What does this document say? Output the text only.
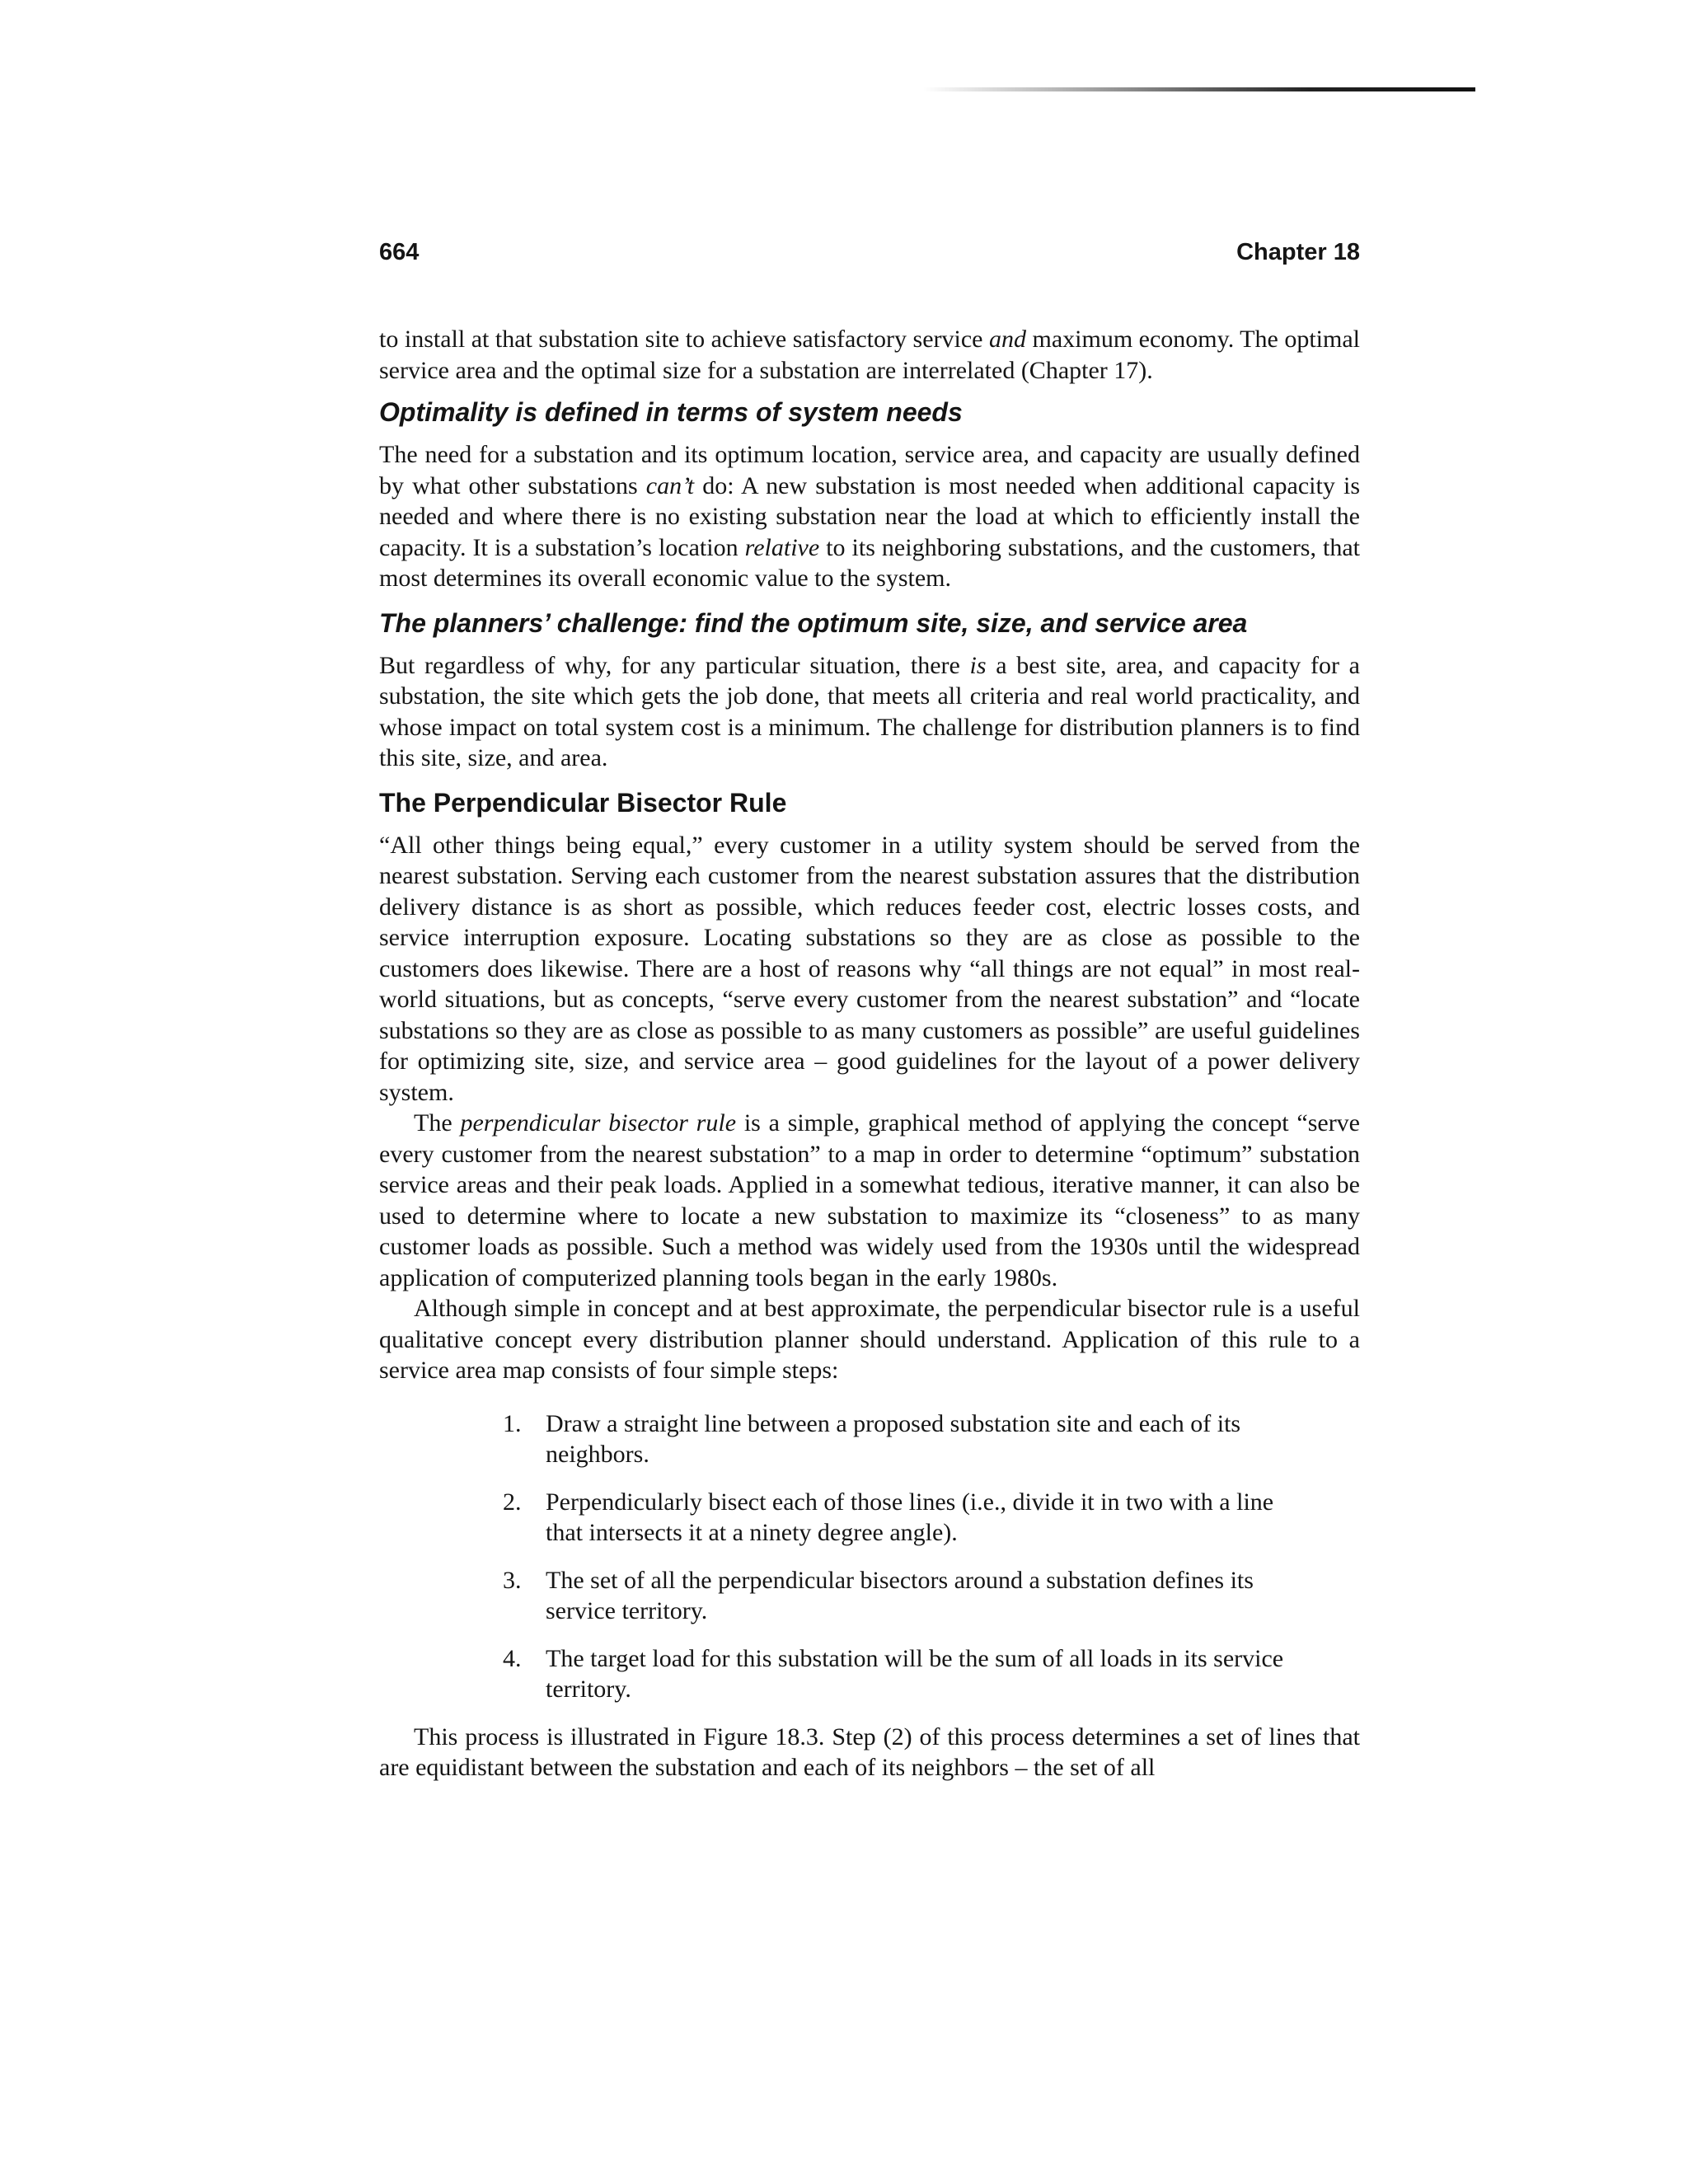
664	Chapter 18

to install at that substation site to achieve satisfactory service and maximum economy. The optimal service area and the optimal size for a substation are interrelated (Chapter 17).

Optimality is defined in terms of system needs

The need for a substation and its optimum location, service area, and capacity are usually defined by what other substations can’t do: A new substation is most needed when additional capacity is needed and where there is no existing substation near the load at which to efficiently install the capacity. It is a substation’s location relative to its neighboring substations, and the customers, that most determines its overall economic value to the system.

The planners’ challenge: find the optimum site, size, and service area

But regardless of why, for any particular situation, there is a best site, area, and capacity for a substation, the site which gets the job done, that meets all criteria and real world practicality, and whose impact on total system cost is a minimum. The challenge for distribution planners is to find this site, size, and area.

The Perpendicular Bisector Rule

“All other things being equal,” every customer in a utility system should be served from the nearest substation. Serving each customer from the nearest substation assures that the distribution delivery distance is as short as possible, which reduces feeder cost, electric losses costs, and service interruption exposure. Locating substations so they are as close as possible to the customers does likewise. There are a host of reasons why “all things are not equal” in most real-world situations, but as concepts, “serve every customer from the nearest substation” and “locate substations so they are as close as possible to as many customers as possible” are useful guidelines for optimizing site, size, and service area – good guidelines for the layout of a power delivery system.

The perpendicular bisector rule is a simple, graphical method of applying the concept “serve every customer from the nearest substation” to a map in order to determine “optimum” substation service areas and their peak loads. Applied in a somewhat tedious, iterative manner, it can also be used to determine where to locate a new substation to maximize its “closeness” to as many customer loads as possible. Such a method was widely used from the 1930s until the widespread application of computerized planning tools began in the early 1980s.

Although simple in concept and at best approximate, the perpendicular bisector rule is a useful qualitative concept every distribution planner should understand. Application of this rule to a service area map consists of four simple steps:

1. Draw a straight line between a proposed substation site and each of its neighbors.
2. Perpendicularly bisect each of those lines (i.e., divide it in two with a line that intersects it at a ninety degree angle).
3. The set of all the perpendicular bisectors around a substation defines its service territory.
4. The target load for this substation will be the sum of all loads in its service territory.

This process is illustrated in Figure 18.3. Step (2) of this process determines a set of lines that are equidistant between the substation and each of its neighbors – the set of all
